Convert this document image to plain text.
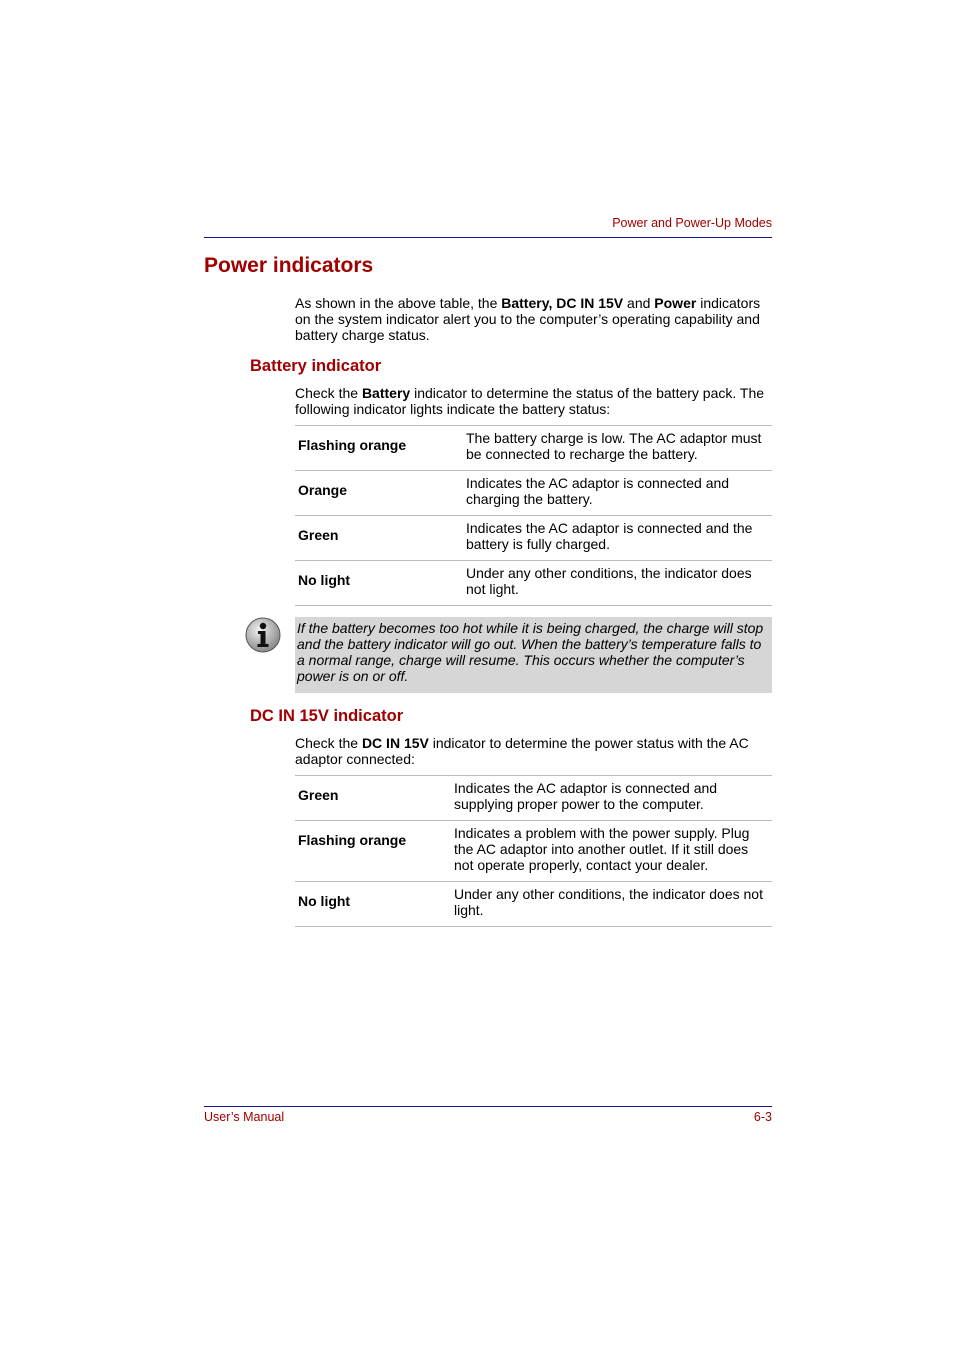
Power and Power-Up Modes
Power indicators

As shown in the above table, the Battery, DC IN 15V and Power indicators on the system indicator alert you to the computer’s operating capability and battery charge status.

Battery indicator

Check the Battery indicator to determine the status of the battery pack. The following indicator lights indicate the battery status:

Flashing orange	The battery charge is low. The AC adaptor must be connected to recharge the battery.
Orange	Indicates the AC adaptor is connected and charging the battery.
Green	Indicates the AC adaptor is connected and the battery is fully charged.
No light	Under any other conditions, the indicator does not light.

If the battery becomes too hot while it is being charged, the charge will stop and the battery indicator will go out. When the battery’s temperature falls to a normal range, charge will resume. This occurs whether the computer’s power is on or off.

DC IN 15V indicator

Check the DC IN 15V indicator to determine the power status with the AC adaptor connected:

Green	Indicates the AC adaptor is connected and supplying proper power to the computer.
Flashing orange	Indicates a problem with the power supply. Plug the AC adaptor into another outlet. If it still does not operate properly, contact your dealer.
No light	Under any other conditions, the indicator does not light.
User’s Manual	6-3
